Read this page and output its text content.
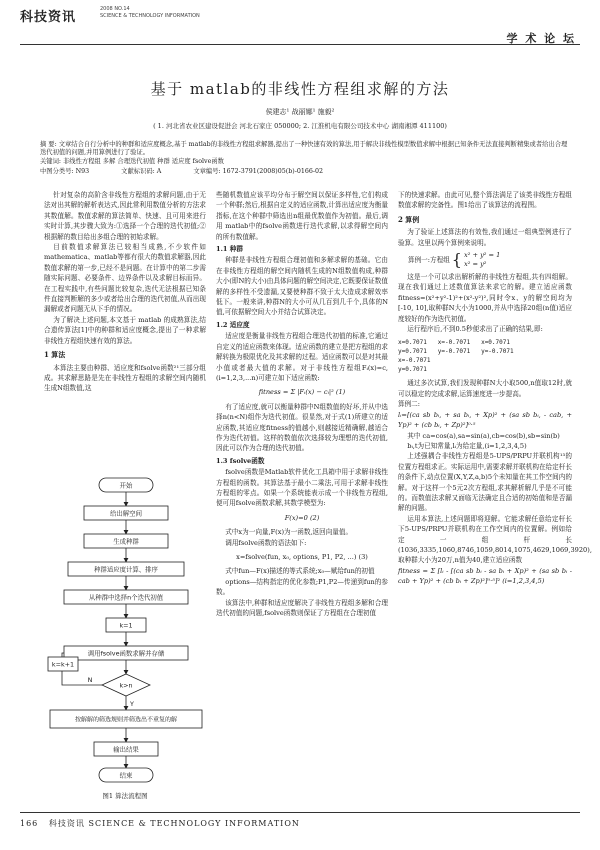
科技资讯
2008 NO.14
SCIENCE & TECHNOLOGY INFORMATION
学 术 论 坛
基于 matlab的非线性方程组求解的方法
侯建志¹ 战丽娜¹ 施毅²
( 1. 河北省农业区建设促进会 河北石家庄 050000; 2. 江淮机电有限公司技术中心 湖南湘潭 411100)
摘 要: 文章结合自行分析中的种群和适应度概念,基于 matlab的非线性方程组求解器,提出了一种快速有效的算法,用于解决非线性模型数值求解中根据已知条件无法直接判断精集或者给出合理迭代初值的问题,并用算例进行了验证。
关键词: 非线性方程组 多解 合理迭代初值 种群 适应度 fsolve函数
中图分类号: N93	文献标识码: A	文章编号: 1672-3791(2008)05(b)-0166-02

针对复杂的高阶含非线性方程组的求解问题,由于无法对出其解的解析表达式,因此常利用数值分析的方法求其数值解。数值求解的算法简单、快速、且可用来进行实时计算,其步骤大致为:①选择一个合理的迭代初值;②根据解的数目给出多组合理的初始求解。

目前数值求解算法已较相当成熟,不少软件如mathematica、matlab等都有很大的数值求解器,因此数值求解的第一步,已经不是问题。在计算中的第二步需随实际问题、必要条件、边界条件以及求解目标而异。在工程实践中,有些问题比较复杂,迭代无法根据已知条件直接判断解的多少或者给出合理的迭代初值,从而出现漏解或者问题无从下手的情况。

为了解决上述问题,本文基于 matlab 的成熟算法,结合遗传算法[1]中的种群和适应度概念,提出了一种求解非线性方程组快速有效的算法。

1 算法

本算法主要由种群、适应度和fsolve函数²¹三部分组成。其求解思路是先在非线性方程组的求解空间内随机生成N组数值,这

开始
给出解空间
生成种群
种群适应度计算、排序
从种群中选择n个迭代初值
k=1
调用fsolve函数求解并存储
k=k+1
k>n
按解解的筛选规则并筛选出不重复的解
输出结果
结束
Y
N
图1 算法流程图

些随机数值应该平均分布于解空间以保证多样性,它们构成一个种群;然后,根据自定义的适应函数,计算出适应度为衡量指标,在这个种群中筛选出n组最优数值作为初值。最后,调用 matlab中的fsolve函数进行迭代求解,以求得解空间内的所有数值解。

1.1 种群

种群是非线性方程组合理初值和多解求解的基础。它由在非线性方程组的解空间内随机生成的N组数值构成,种群大小(即N的大小)由具体问题的解空间决定,它既要保证数值解的多样性不受遗漏,又要使种群不致于太大造成求解效率低下。一般来讲,种群N的大小可从几百到几千个,具体的N值,可依据解空间大小并结合试算决定。

1.2 适应度

适应度是衡量非线性方程组合理迭代初值的标准,它通过自定义的适应函数来体现。适应函数的建立是把方程组的求解转换为极限优化及其求解的过程。适应函数可以是对其最小值或者最大值的求解。对于非线性方程组Fᵢ(x)=c, (i=1,2,3,...n)可建立如下适应函数:

fitness = Σ |Fᵢ(x) − cᵢ|² (1)

有了适应度,就可以衡量种群中N组数值的好坏,并从中选择n(n<N)组作为迭代初值。很显然,对于式(1)所建立的适应函数,其适应度fitness的值越小,则越接近精确解,越适合作为迭代初值。这样的数值依次选择较为理想的迭代初值,因此可以作为合理的迭代初值。

1.3 fsolve函数

fsolve函数是Matlab软件优化工具箱中用于求解非线性方程组的函数。其算法基于最小二乘法,可用于求解非线性方程组的零点。如果一个系统能表示成一个非线性方程组,便可用fsolve函数求解,其数学模型为:

F(x)=0 (2)

式中x为一向量,F(x)为一函数,返回向量值。

调用fsolve函数的语法如下:

x=fsolve(fun, x₀, options, P1, P2, ...) (3)

式中fun—F(x)描述的等式系统;x₀—赋给fun的初值

options—结构指定的优化参数;P1,P2—传递到fun的参数。

该算法中,种群和适应度解决了非线性方程组多解和合理迭代初值的问题,fsolve函数则保证了方程组在合理初值

下的快速求解。由此可见,整个算法满足了该类非线性方程组数值求解的完备性。图1给出了该算法的流程图。

2 算例

为了验证上述算法的有效性,我们通过一组典型例进行了验算。这里以两个算例来说明。

算例一:方程组 { x² + y² = 1
x² = y²

这是一个可以求出解析解的非线性方程组,共有四组解。现在我们通过上述数值算法来求它的解。建立适应函数fitness=(x²+y²-1)²+(x²-y²)²,同时令x、y的解空间均为[-10, 10],取种群N大小为1000,并从中选择20组(n值)适应度较好的作为迭代初值。

运行程序后,不到0.5秒便求出了正确的结果,即:

x=0.7071   x=-0.7071   x=0.7071
y=0.7071   y=-0.7071   y=-0.7071
x=-0.7071
y=0.7071

通过多次试算,我们发现种群N大小取500,n值取12时,就可以稳定的完成求解,运算速度进一步提高。

算例二:

lᵢ=[(ca sb bᵢ, + sa bᵢ, + Xp)² + (sa sb bᵢ, - cab, + Yp)² + (cb bᵢ, + Zp)²]⁰·⁵

其中 ca=cos(a),sa=sin(a),cb=cos(b),sb=sin(b)

bᵢ,t为已知常量,lᵢ为给定量,(i=1,2,3,4,5)

上述强耦合非线性方程组是5-UPS/PRPU并联机构¹³的位置方程组求正。实际运用中,需要求解并联机构在给定杆长的条件下,动点位置(X,Y,Z,a,b)5个未知量在其工作空间内的解。对于这样一个5元2次方程组,求其解析解几乎是不可能的。而数值法求解又面临无法确定且合适的初始值和是否漏解的问题。

运用本算法,上述问题即将迎解。它能求解任意给定杆长下5-UPS/PRPU并联机构在工作空间内的位置解。例如给定一组杆长(1036,3335,1060,8746,1059,8014,1075,4629,1069,3920),取种群大小为20万,n值为40,建立适应函数

fitness = Σ [lᵢ - [(ca sb bᵢ - sa bᵢ + Xp)² + (sa sb bᵢ - cab + Yp)² + (cb bᵢ + Zp)²]⁰·⁵]² (i=1,2,3,4,5)

166 科技资讯 SCIENCE & TECHNOLOGY INFORMATION
